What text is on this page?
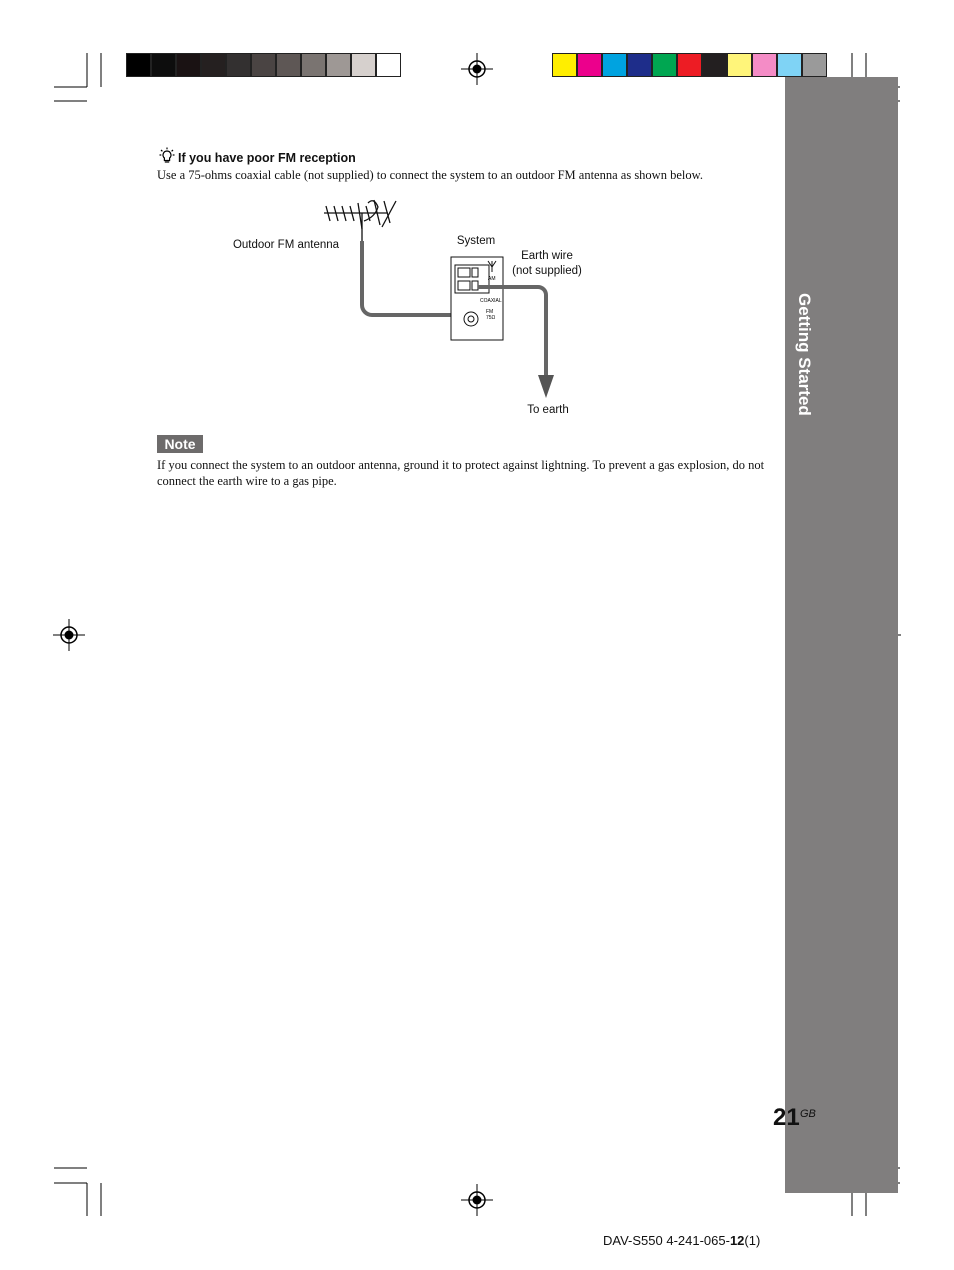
Getting Started
If you have poor FM reception
Use a 75-ohms coaxial cable (not supplied) to connect the system to an outdoor FM antenna as shown below.
AM
COAXIAL
FM
75Ω
Outdoor FM antenna	System
Earth wire
(not supplied)
To earth
Note
If you connect the system to an outdoor antenna, ground it to protect against lightning. To prevent a gas explosion, do not connect the earth wire to a gas pipe.
21 GB
DAV-S550 4-241-065-12(1)
